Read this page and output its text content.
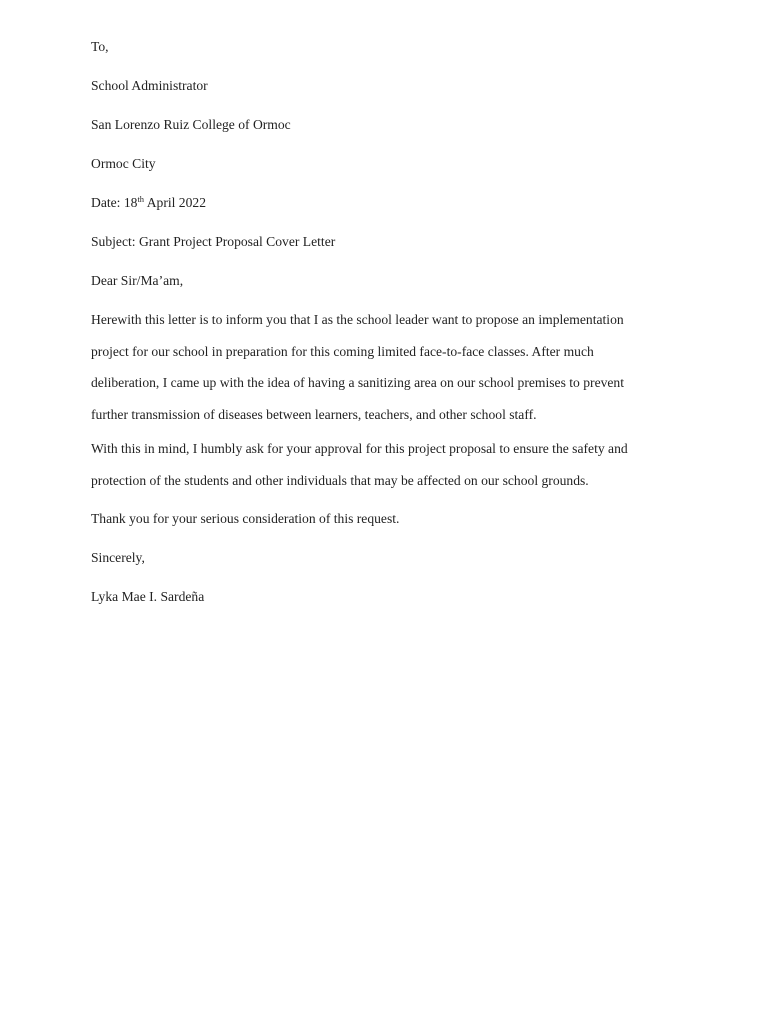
To,
School Administrator
San Lorenzo Ruiz College of Ormoc
Ormoc City
Date: 18th April 2022
Subject: Grant Project Proposal Cover Letter
Dear Sir/Ma’am,
Herewith this letter is to inform you that I as the school leader want to propose an implementation
project for our school in preparation for this coming limited face-to-face classes. After much
deliberation, I came up with the idea of having a sanitizing area on our school premises to prevent
further transmission of diseases between learners, teachers, and other school staff.
With this in mind, I humbly ask for your approval for this project proposal to ensure the safety and
protection of the students and other individuals that may be affected on our school grounds.
Thank you for your serious consideration of this request.
Sincerely,
Lyka Mae I. Sardeña
